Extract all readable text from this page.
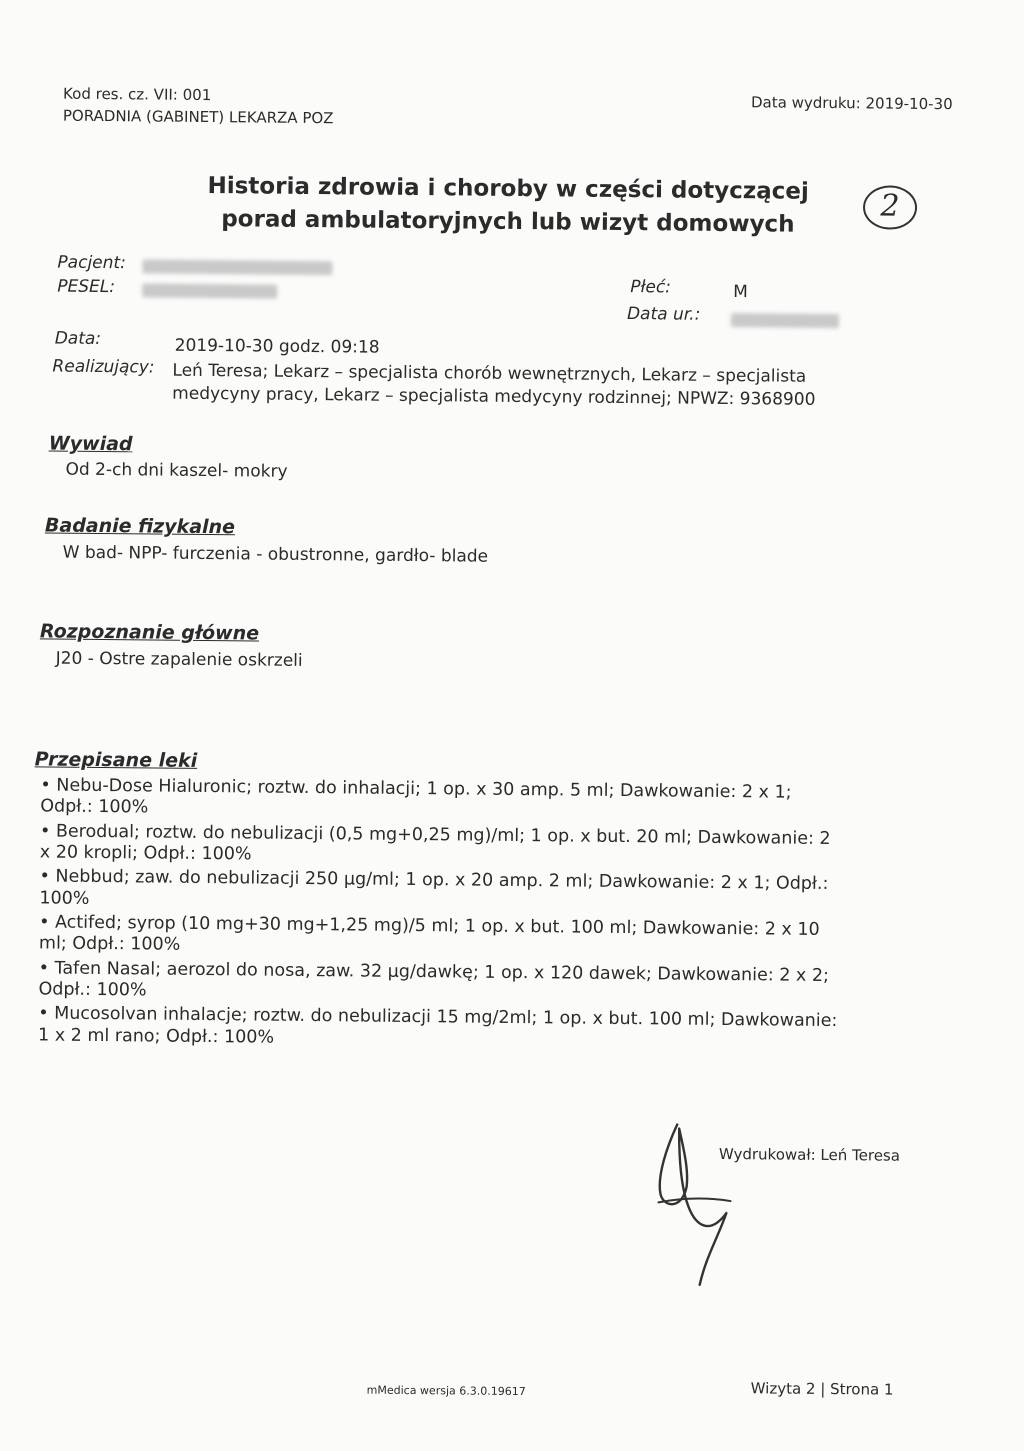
Kod res. cz. VII: 001
PORADNIA (GABINET) LEKARZA POZ
Data wydruku: 2019-10-30
Historia zdrowia i choroby w części dotyczącej porad ambulatoryjnych lub wizyt domowych	2
Pacjent:
PESEL:	Płeć:	M
Data ur.:
Data:	2019-10-30 godz. 09:18
Realizujący: Leń Teresa; Lekarz – specjalista chorób wewnętrznych, Lekarz – specjalista
medycyny pracy, Lekarz – specjalista medycyny rodzinnej; NPWZ: 9368900
Wywiad
Od 2-ch dni kaszel- mokry
Badanie fizykalne
W bad- NPP- furczenia - obustronne, gardło- blade
Rozpoznanie główne
J20 - Ostre zapalenie oskrzeli
Przepisane leki
• Nebu-Dose Hialuronic; roztw. do inhalacji; 1 op. x 30 amp. 5 ml; Dawkowanie: 2 x 1;
Odpł.: 100%
• Berodual; roztw. do nebulizacji (0,5 mg+0,25 mg)/ml; 1 op. x but. 20 ml; Dawkowanie: 2
x 20 kropli; Odpł.: 100%
• Nebbud; zaw. do nebulizacji 250 µg/ml; 1 op. x 20 amp. 2 ml; Dawkowanie: 2 x 1; Odpł.:
100%
• Actifed; syrop (10 mg+30 mg+1,25 mg)/5 ml; 1 op. x but. 100 ml; Dawkowanie: 2 x 10
ml; Odpł.: 100%
• Tafen Nasal; aerozol do nosa, zaw. 32 µg/dawkę; 1 op. x 120 dawek; Dawkowanie: 2 x 2;
Odpł.: 100%
• Mucosolvan inhalacje; roztw. do nebulizacji 15 mg/2ml; 1 op. x but. 100 ml; Dawkowanie:
1 x 2 ml rano; Odpł.: 100%
Wydrukował: Leń Teresa
mMedica wersja 6.3.0.19617	Wizyta 2 | Strona 1
